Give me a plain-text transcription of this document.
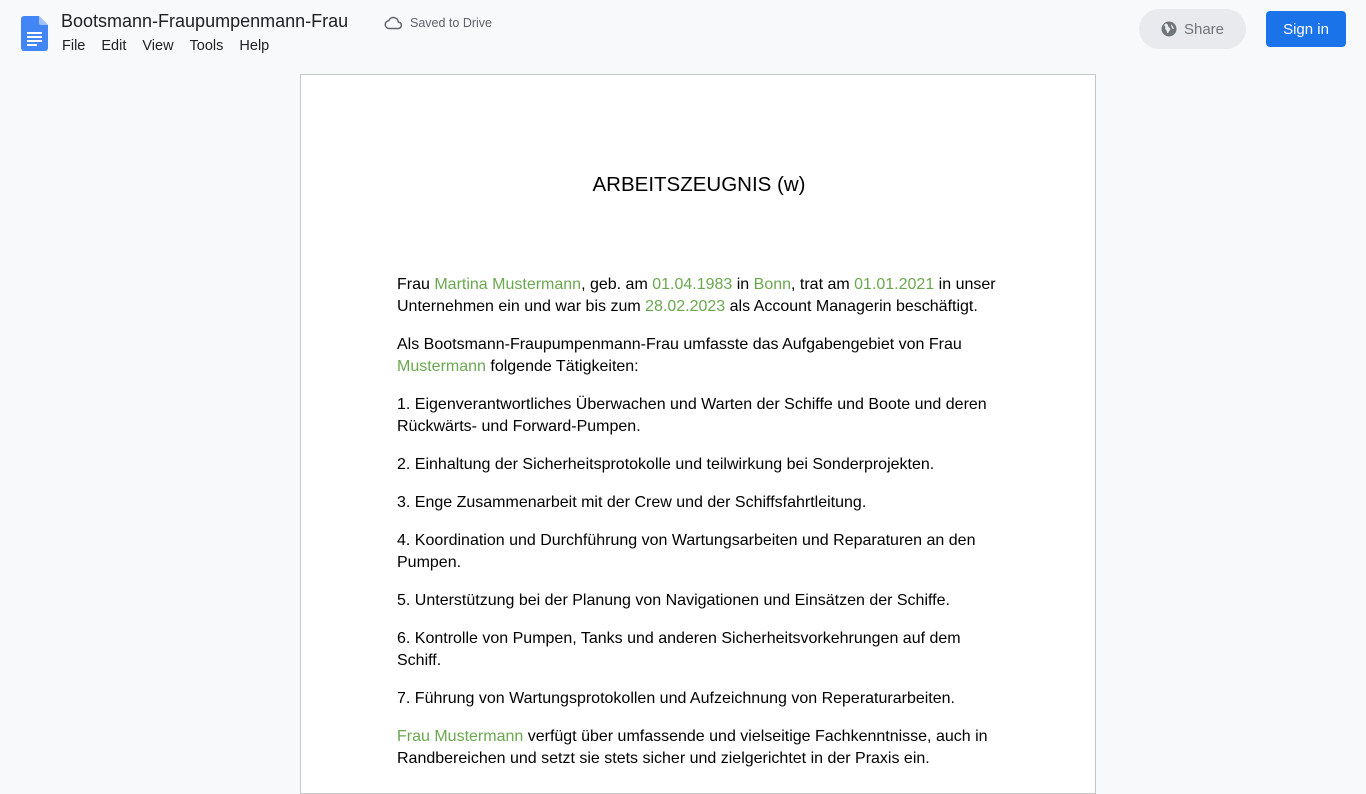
Bootsmann-Fraupumpenmann-Frau	Saved to Drive
File	Edit	View	Tools	Help
Share	Sign in
ARBEITSZEUGNIS (w)

Frau Martina Mustermann, geb. am 01.04.1983 in Bonn, trat am 01.01.2021 in unser Unternehmen ein und war bis zum 28.02.2023 als Account Managerin beschäftigt.

Als Bootsmann-Fraupumpenmann-Frau umfasste das Aufgabengebiet von Frau Mustermann folgende Tätigkeiten:

1. Eigenverantwortliches Überwachen und Warten der Schiffe und Boote und deren Rückwärts- und Forward-Pumpen.

2. Einhaltung der Sicherheitsprotokolle und teilwirkung bei Sonderprojekten.

3. Enge Zusammenarbeit mit der Crew und der Schiffsfahrtleitung.

4. Koordination und Durchführung von Wartungsarbeiten und Reparaturen an den Pumpen.

5. Unterstützung bei der Planung von Navigationen und Einsätzen der Schiffe.

6. Kontrolle von Pumpen, Tanks und anderen Sicherheitsvorkehrungen auf dem Schiff.

7. Führung von Wartungsprotokollen und Aufzeichnung von Reperaturarbeiten.

Frau Mustermann verfügt über umfassende und vielseitige Fachkenntnisse, auch in Randbereichen und setzt sie stets sicher und zielgerichtet in der Praxis ein.
